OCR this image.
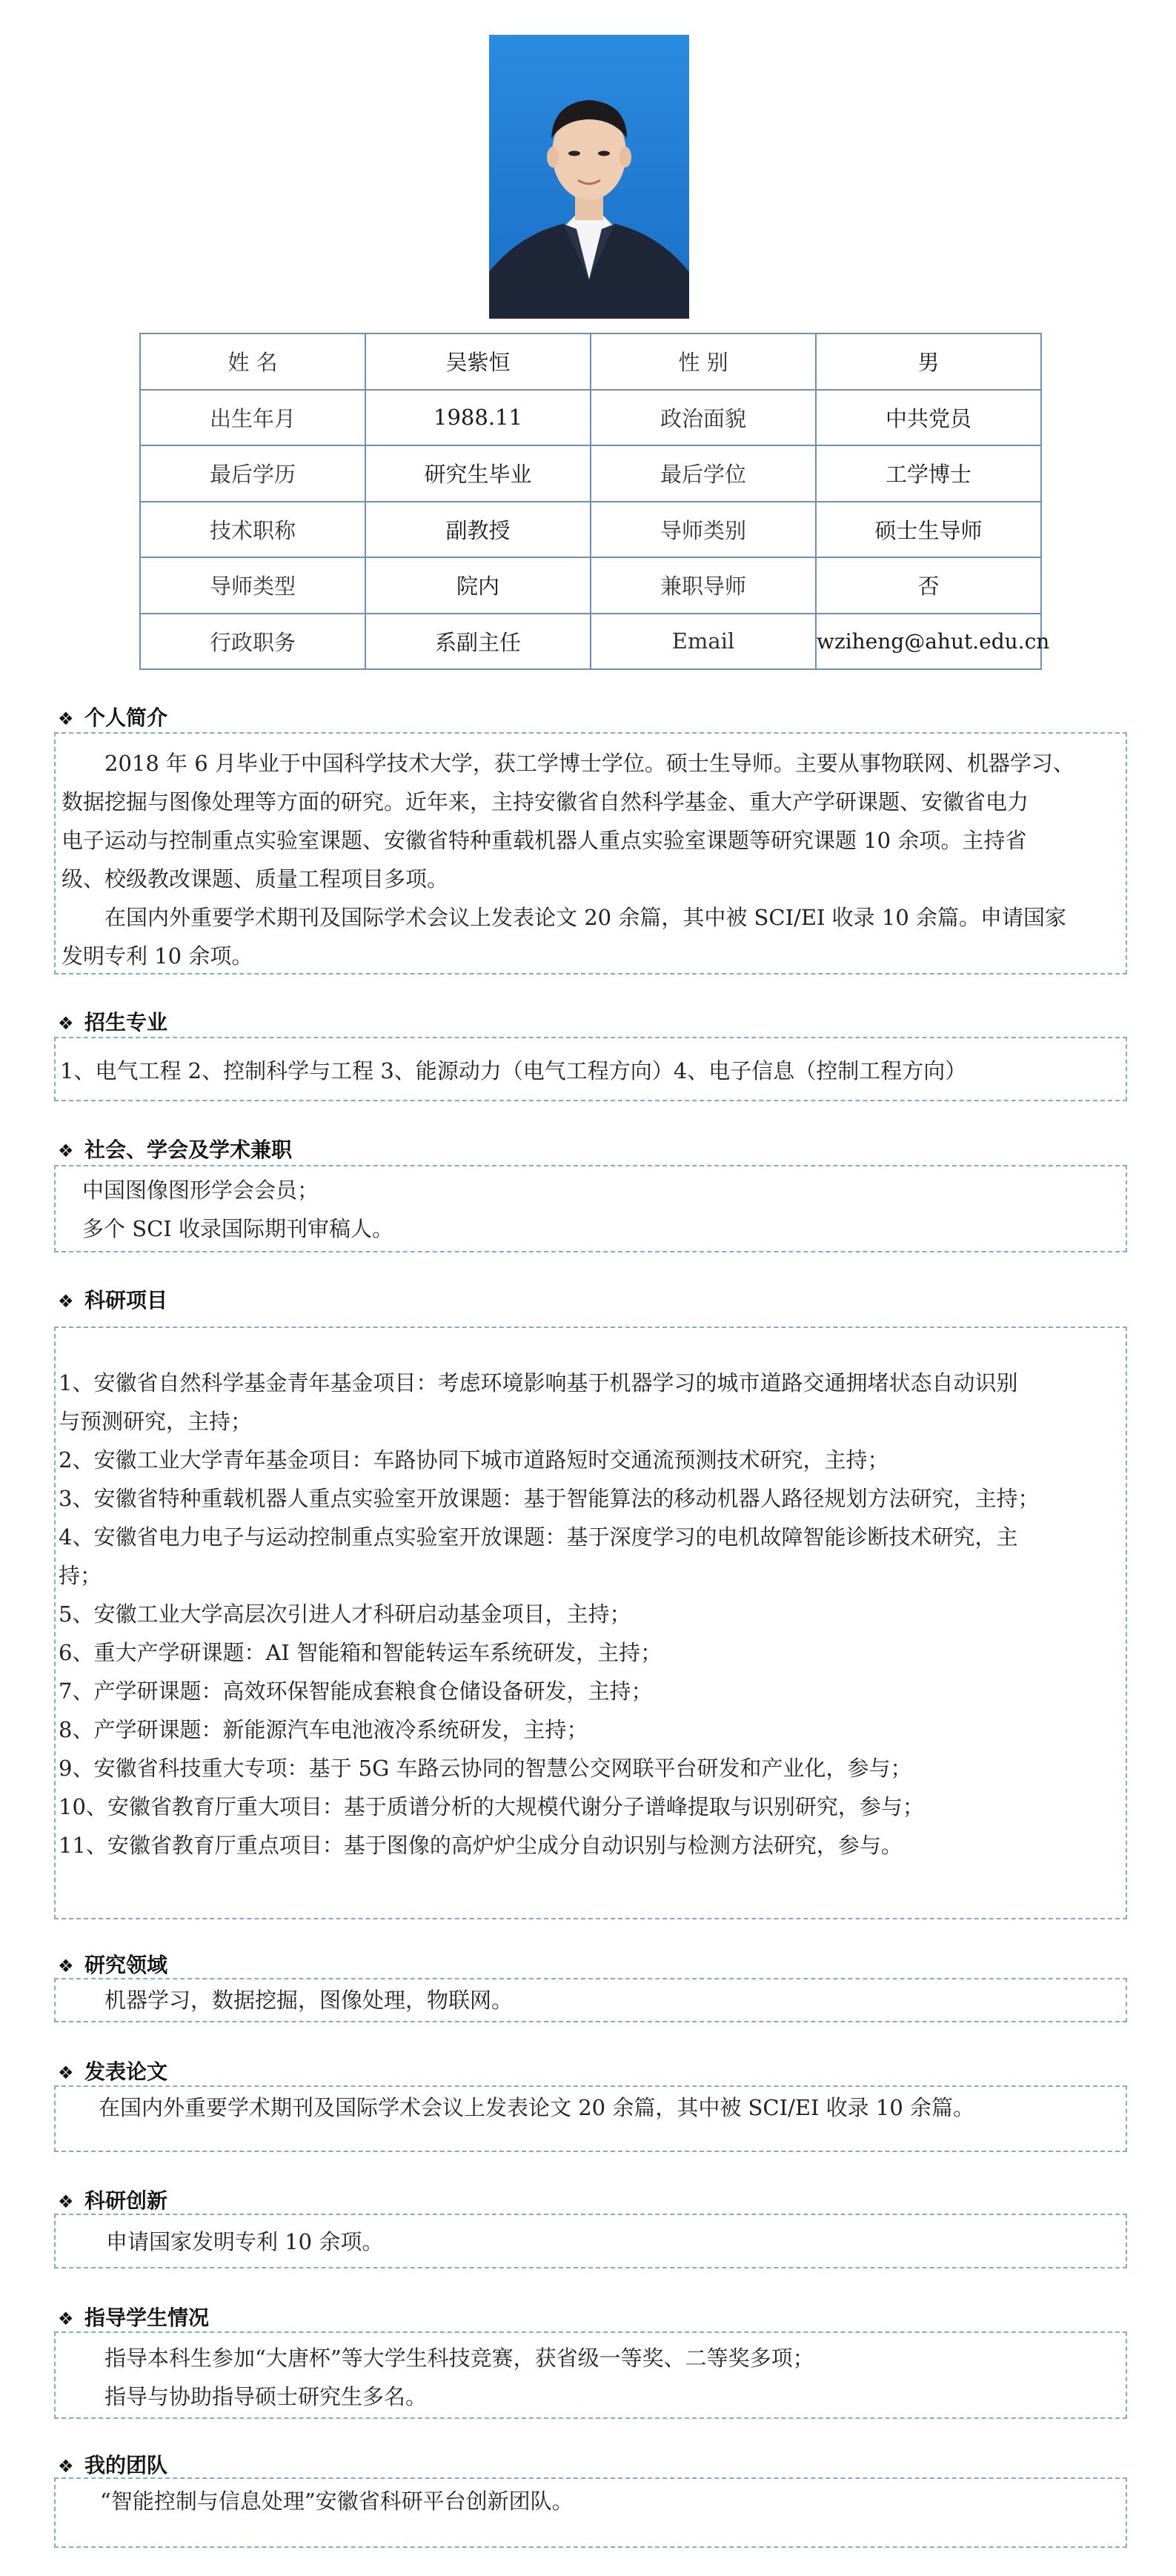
姓 名	吴紫恒	性 别	男
出生年月	1988.11	政治面貌	中共党员
最后学历	研究生毕业	最后学位	工学博士
技术职称	副教授	导师类别	硕士生导师
导师类型	院内	兼职导师	否
行政职务	系副主任	Email	wziheng@ahut.edu.cn
❖ 个人简介
2018 年 6 月毕业于中国科学技术大学，获工学博士学位。硕士生导师。主要从事物联网、机器学习、
数据挖掘与图像处理等方面的研究。近年来，主持安徽省自然科学基金、重大产学研课题、安徽省电力
电子运动与控制重点实验室课题、安徽省特种重载机器人重点实验室课题等研究课题 10 余项。主持省
级、校级教改课题、质量工程项目多项。
在国内外重要学术期刊及国际学术会议上发表论文 20 余篇，其中被 SCI/EI 收录 10 余篇。申请国家
发明专利 10 余项。
❖ 招生专业
1、电气工程 2、控制科学与工程 3、能源动力（电气工程方向）4、电子信息（控制工程方向）
❖ 社会、学会及学术兼职
中国图像图形学会会员；
多个 SCI 收录国际期刊审稿人。
❖ 科研项目
1、安徽省自然科学基金青年基金项目：考虑环境影响基于机器学习的城市道路交通拥堵状态自动识别
与预测研究，主持；
2、安徽工业大学青年基金项目：车路协同下城市道路短时交通流预测技术研究，主持；
3、安徽省特种重载机器人重点实验室开放课题：基于智能算法的移动机器人路径规划方法研究，主持；
4、安徽省电力电子与运动控制重点实验室开放课题：基于深度学习的电机故障智能诊断技术研究，主
持；
5、安徽工业大学高层次引进人才科研启动基金项目，主持；
6、重大产学研课题：AI 智能箱和智能转运车系统研发，主持；
7、产学研课题：高效环保智能成套粮食仓储设备研发，主持；
8、产学研课题：新能源汽车电池液冷系统研发，主持；
9、安徽省科技重大专项：基于 5G 车路云协同的智慧公交网联平台研发和产业化，参与；
10、安徽省教育厅重大项目：基于质谱分析的大规模代谢分子谱峰提取与识别研究，参与；
11、安徽省教育厅重点项目：基于图像的高炉炉尘成分自动识别与检测方法研究，参与。
❖ 研究领域
机器学习，数据挖掘，图像处理，物联网。
❖ 发表论文
在国内外重要学术期刊及国际学术会议上发表论文 20 余篇，其中被 SCI/EI 收录 10 余篇。
❖ 科研创新
申请国家发明专利 10 余项。
❖ 指导学生情况
指导本科生参加“大唐杯”等大学生科技竞赛，获省级一等奖、二等奖多项；
指导与协助指导硕士研究生多名。
❖ 我的团队
“智能控制与信息处理”安徽省科研平台创新团队。
